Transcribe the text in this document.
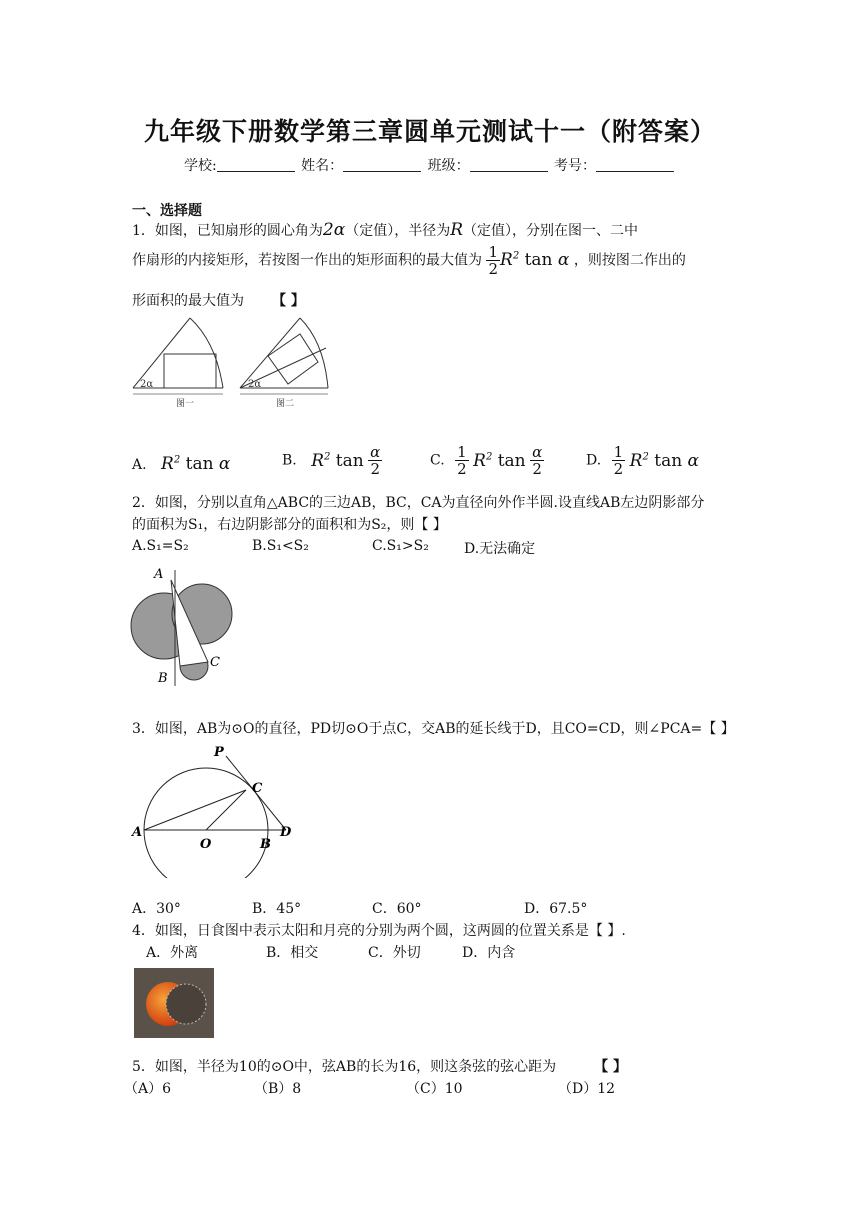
九年级下册数学第三章圆单元测试十一（附答案）
学校:	姓名：	班级：	考号：
一、选择题
1．如图，已知扇形的圆心角为2α（定值），半径为R（定值），分别在图一、二中
作扇形的内接矩形，若按图一作出的矩形面积的最大值为 $\frac{1}{2} R^2$ tan α ，则按图二作出的
形面积的最大值为 【 】
2α	2α
图一	图二
A. $R^2$ tan α	B. $R^2$ $\tan \frac{\alpha}{2}$	C. $\frac{1}{2} R^2$ $\tan \frac{\alpha}{2}$	D. $\frac{1}{2} R^2$ tan α
2．如图，分别以直角△ABC的三边AB，BC，CA为直径向外作半圆.设直线AB左边阴影部分
的面积为S₁，右边阴影部分的面积和为S₂，则【 】
A.S₁=S₂	B.S₁<S₂	C.S₁>S₂	D.无法确定
A
B
C
3．如图，AB为⊙O的直径，PD切⊙O于点C，交AB的延长线于D，且CO=CD，则∠PCA=【 】
P
C
A
O	B
D
A．30°	B．45°	C．60°	D．67.5°
4．如图，日食图中表示太阳和月亮的分别为两个圆，这两圆的位置关系是【 】.
A．外离	B．相交	C．外切	D．内含
5．如图，半径为10的⊙O中，弦AB的长为16，则这条弦的弦心距为	【 】
（A）6	（B）8	（C）10	（D）12
